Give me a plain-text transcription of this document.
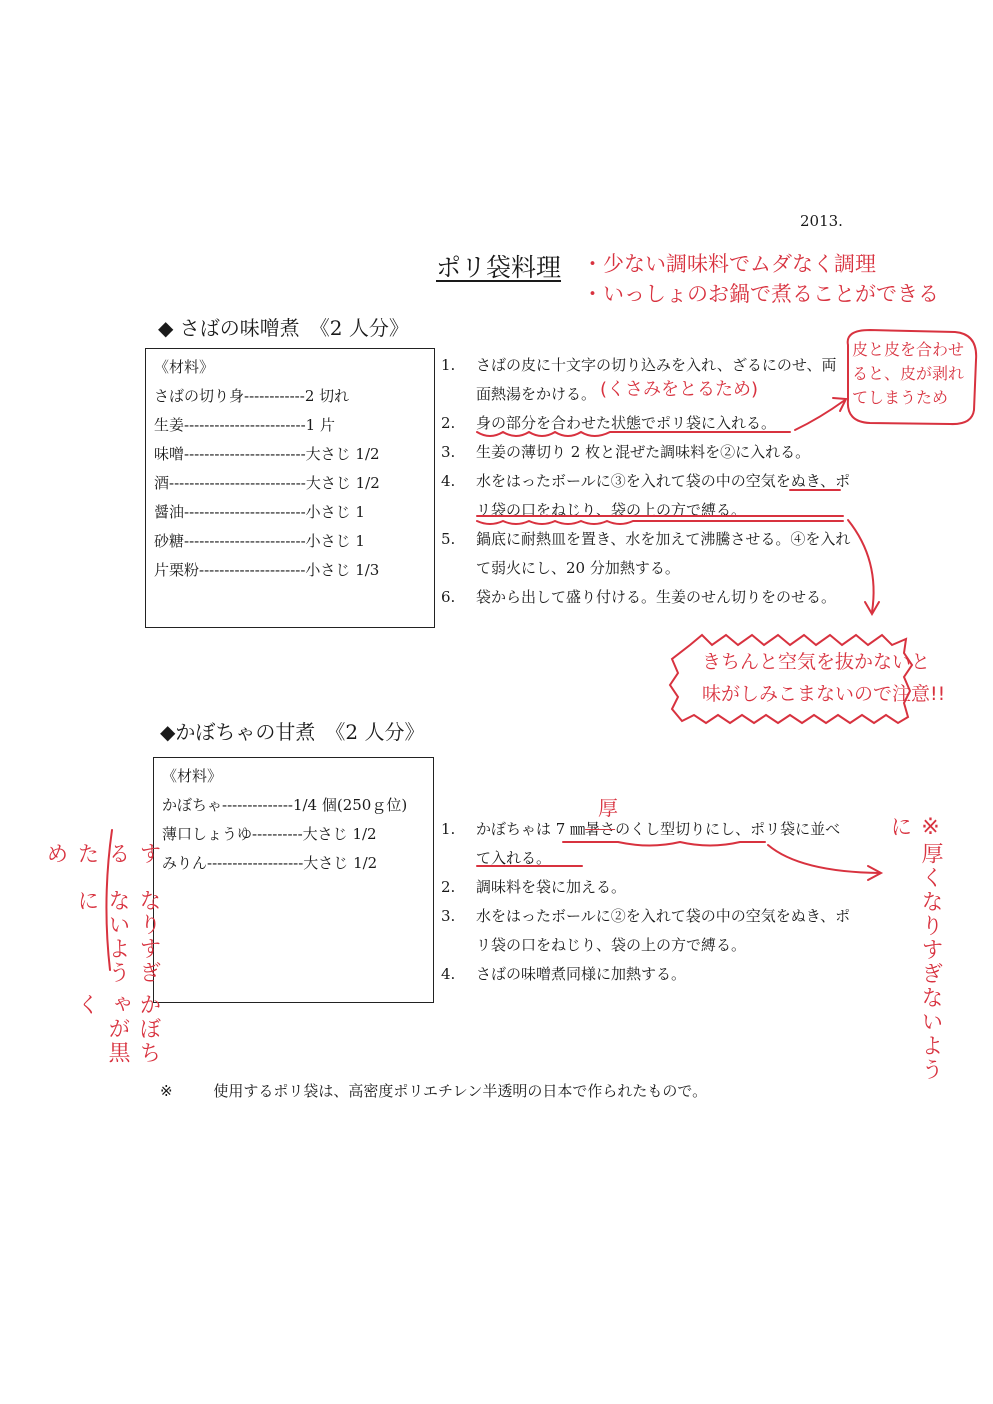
2013.
ポリ袋料理 ・少ない調味料でムダなく調理
・いっしょのお鍋で煮ることができる
◆ さばの味噌煮　《2 人分》
《材料》
さばの切り身------------2 切れ
生姜------------------------1 片
味噌------------------------大さじ 1/2
酒---------------------------大さじ 1/2
醤油------------------------小さじ 1
砂糖------------------------小さじ 1
片栗粉---------------------小さじ 1/3
1. さばの皮に十文字の切り込みを入れ、ざるにのせ、両面熱湯をかける。
2. 身の部分を合わせた状態でポリ袋に入れる。
3. 生姜の薄切り 2 枚と混ぜた調味料を②に入れる。
4. 水をはったボールに③を入れて袋の中の空気をぬき、ポリ袋の口をねじり、袋の上の方で縛る。
5. 鍋底に耐熱皿を置き、水を加えて沸騰させる。④を入れて弱火にし、20 分加熱する。
6. 袋から出して盛り付ける。生姜のせん切りをのせる。
(くさみをとるため)
皮と皮を合わせると、皮が剥れてしまうため
きちんと空気を抜かないと味がしみこまないので注意!!
◆かぼちゃの甘煮　《2 人分》
《材料》
かぼちゃ--------------1/4 個(250ｇ位)
薄口しょうゆ----------大さじ 1/2
みりん-------------------大さじ 1/2
1. かぼちゃは 7 ㎜暑さのくし型切りにし、ポリ袋に並べて入れる。
2. 調味料を袋に加える。
3. 水をはったボールに②を入れて袋の中の空気をぬき、ポリ袋の口をねじり、袋の上の方で縛る。
4. さばの味噌煮同様に加熱する。
厚
かぼちゃが黒く
なりすぎないように
するため	※厚くなりすぎないように
※	使用するポリ袋は、高密度ポリエチレン半透明の日本で作られたもので。
